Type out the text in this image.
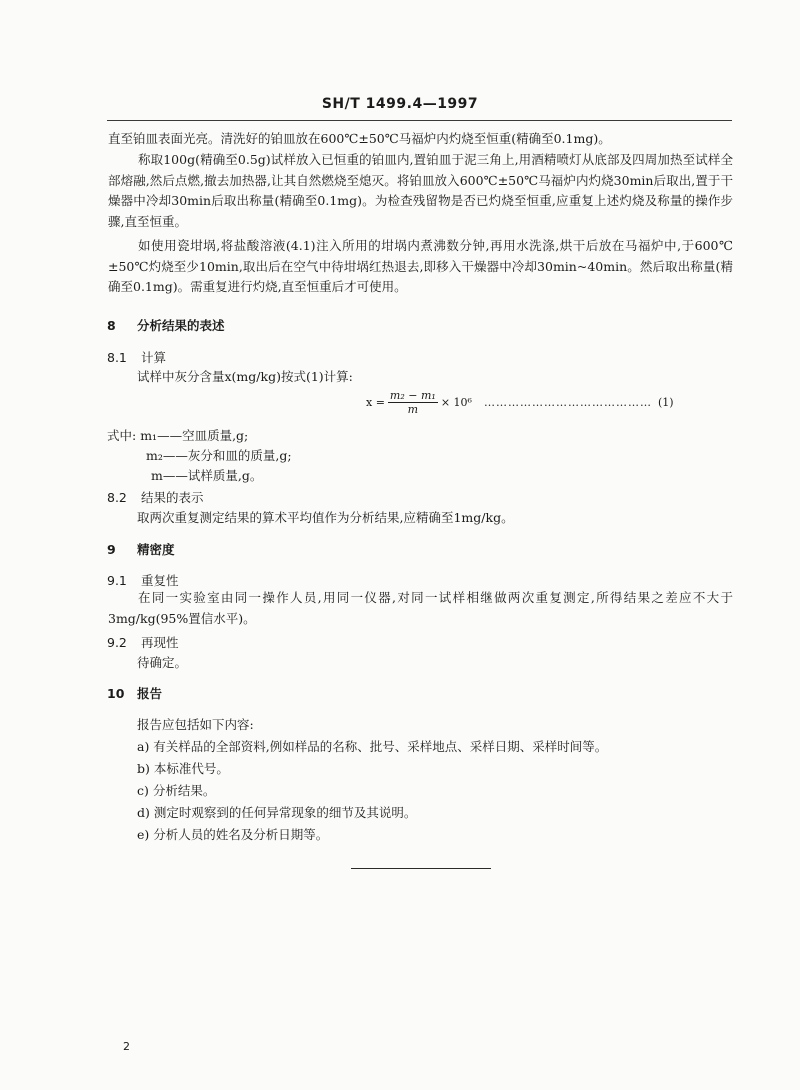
SH/T 1499.4—1997

直至铂皿表面光亮。清洗好的铂皿放在600℃±50℃马福炉内灼烧至恒重(精确至0.1mg)。

称取100g(精确至0.5g)试样放入已恒重的铂皿内,置铂皿于泥三角上,用酒精喷灯从底部及四周加热至试样全部熔融,然后点燃,撤去加热器,让其自然燃烧至熄灭。将铂皿放入600℃±50℃马福炉内灼烧30min后取出,置于干燥器中冷却30min后取出称量(精确至0.1mg)。为检查残留物是否已灼烧至恒重,应重复上述灼烧及称量的操作步骤,直至恒重。

如使用瓷坩埚,将盐酸溶液(4.1)注入所用的坩埚内煮沸数分钟,再用水洗涤,烘干后放在马福炉中,于600℃±50℃灼烧至少10min,取出后在空气中待坩埚红热退去,即移入干燥器中冷却30min~40min。然后取出称量(精确至0.1mg)。需重复进行灼烧,直至恒重后才可使用。

8 分析结果的表述
8.1 计算
试样中灰分含量x(mg/kg)按式(1)计算:
$x = \frac{\text{m₂ − m₁}}{m} \times 10^6$ …………………………………… (1)
式中: m₁——空皿质量,g;
m₂——灰分和皿的质量,g;
m——试样质量,g。
8.2 结果的表示
取两次重复测定结果的算术平均值作为分析结果,应精确至1mg/kg。
9 精密度
9.1 重复性

在同一实验室由同一操作人员,用同一仪器,对同一试样相继做两次重复测定,所得结果之差应不大于3mg/kg(95%置信水平)。

9.2 再现性
待确定。
10 报告
报告应包括如下内容:
a) 有关样品的全部资料,例如样品的名称、批号、采样地点、采样日期、采样时间等。
b) 本标准代号。
c) 分析结果。
d) 测定时观察到的任何异常现象的细节及其说明。
e) 分析人员的姓名及分析日期等。
2
